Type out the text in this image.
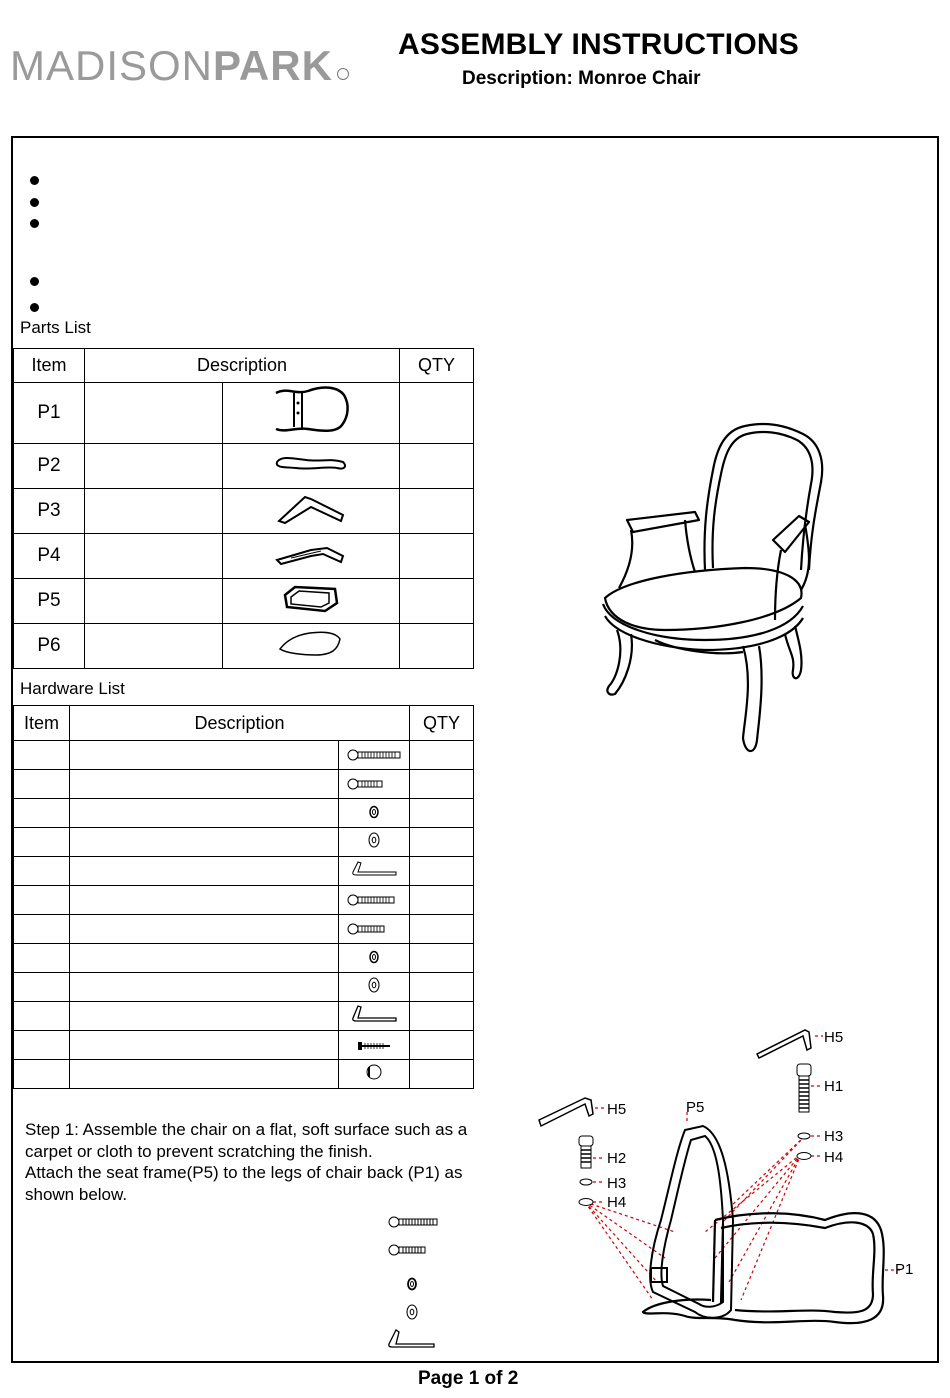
MADISONPARK	ASSEMBLY INSTRUCTIONS
Description: Monroe Chair
Parts List
Item	Description		QTY
P1			
P2			
P3			
P4			
P5			
P6			
Hardware List
Item	Description		QTY

Step 1: Assemble the chair on a flat, soft surface such as a
carpet or cloth to prevent scratching the finish.
Attach the seat frame(P5) to the legs of chair back (P1) as
shown below.
H5
H1
H3
H4
H5	P5
H2
H3
H4
P1
Page 1 of 2
